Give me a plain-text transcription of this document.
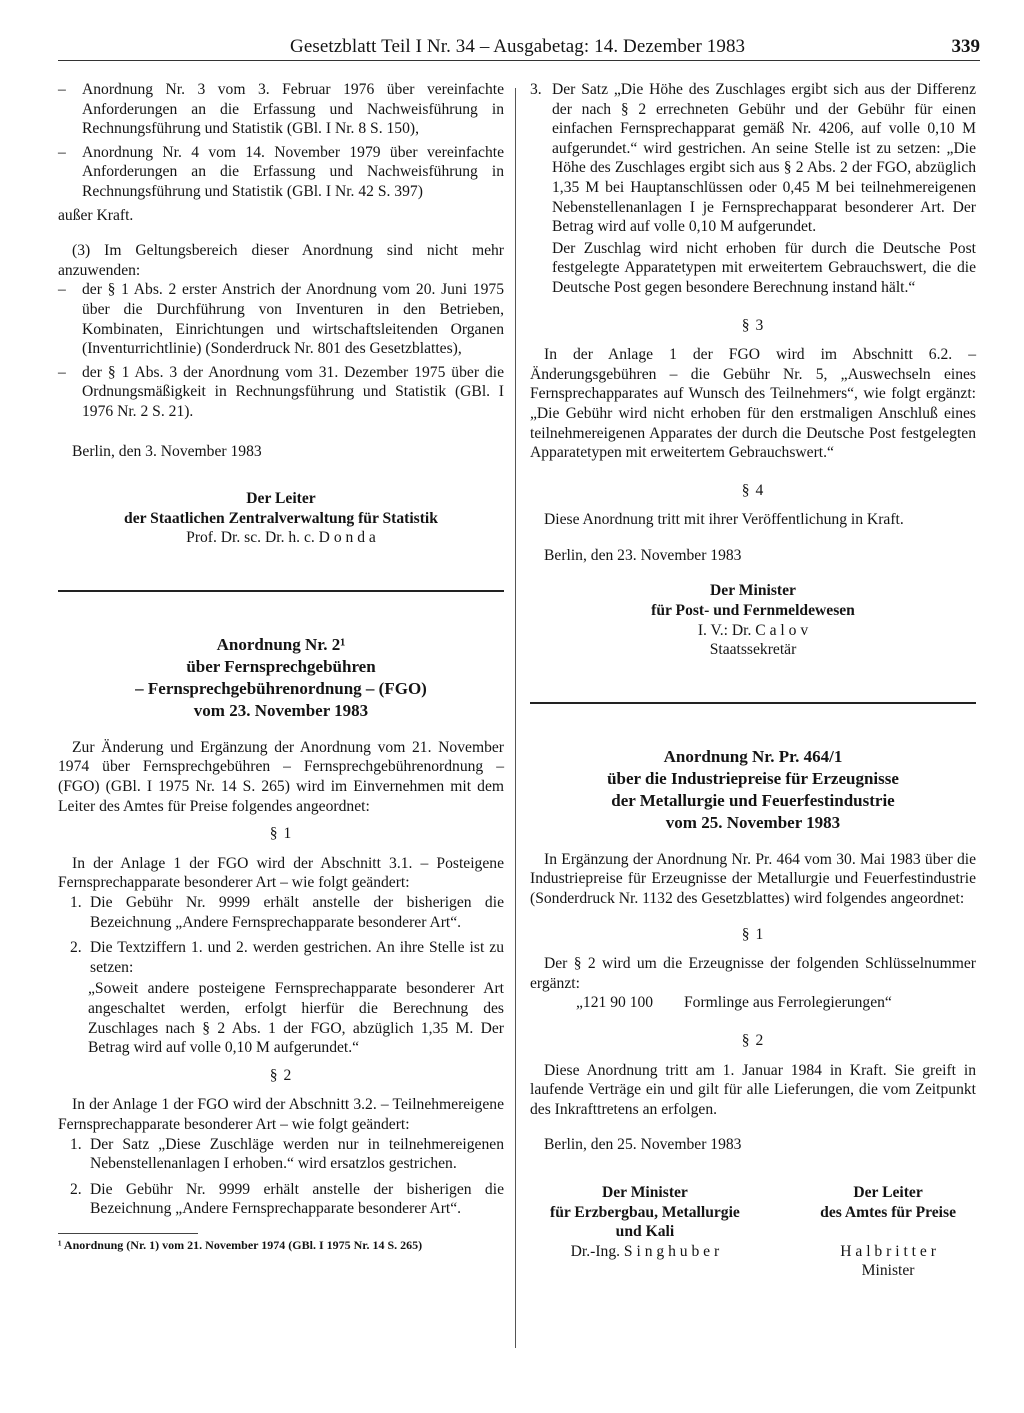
Gesetzblatt Teil I Nr. 34 – Ausgabetag: 14. Dezember 1983	339
–	Anordnung Nr. 3 vom 3. Februar 1976 über vereinfachte Anforderungen an die Erfassung und Nachweisführung in Rechnungsführung und Statistik (GBl. I Nr. 8 S. 150),
–	Anordnung Nr. 4 vom 14. November 1979 über vereinfachte Anforderungen an die Erfassung und Nachweisführung in Rechnungsführung und Statistik (GBl. I Nr. 42 S. 397)

außer Kraft.

(3) Im Geltungsbereich dieser Anordnung sind nicht mehr anzuwenden:

–	der § 1 Abs. 2 erster Anstrich der Anordnung vom 20. Juni 1975 über die Durchführung von Inventuren in den Betrieben, Kombinaten, Einrichtungen und wirtschaftsleitenden Organen (Inventurrichtlinie) (Sonderdruck Nr. 801 des Gesetzblattes),
–	der § 1 Abs. 3 der Anordnung vom 31. Dezember 1975 über die Ordnungsmäßigkeit in Rechnungsführung und Statistik (GBl. I 1976 Nr. 2 S. 21).

Berlin, den 3. November 1983

Der Leiter
der Staatlichen Zentralverwaltung für Statistik
Prof. Dr. sc. Dr. h. c. D o n d a
Anordnung Nr. 2¹
über Fernsprechgebühren
– Fernsprechgebührenordnung – (FGO)
vom 23. November 1983

Zur Änderung und Ergänzung der Anordnung vom 21. November 1974 über Fernsprechgebühren – Fernsprechgebührenordnung – (FGO) (GBl. I 1975 Nr. 14 S. 265) wird im Einvernehmen mit dem Leiter des Amtes für Preise folgendes angeordnet:

§ 1

In der Anlage 1 der FGO wird der Abschnitt 3.1. – Posteigene Fernsprechapparate besonderer Art – wie folgt geändert:

1. Die Gebühr Nr. 9999 erhält anstelle der bisherigen die Bezeichnung „Andere Fernsprechapparate besonderer Art“.
2. Die Textziffern 1. und 2. werden gestrichen. An ihre Stelle ist zu setzen:

„Soweit andere posteigene Fernsprechapparate besonderer Art angeschaltet werden, erfolgt hierfür die Berechnung des Zuschlages nach § 2 Abs. 1 der FGO, abzüglich 1,35 M. Der Betrag wird auf volle 0,10 M aufgerundet.“

§ 2

In der Anlage 1 der FGO wird der Abschnitt 3.2. – Teilnehmereigene Fernsprechapparate besonderer Art – wie folgt geändert:

1. Der Satz „Diese Zuschläge werden nur in teilnehmereigenen Nebenstellenanlagen I erhoben.“ wird ersatzlos gestrichen.
2. Die Gebühr Nr. 9999 erhält anstelle der bisherigen die Bezeichnung „Andere Fernsprechapparate besonderer Art“.
¹ Anordnung (Nr. 1) vom 21. November 1974 (GBl. I 1975 Nr. 14 S. 265)
3. Der Satz „Die Höhe des Zuschlages ergibt sich aus der Differenz der nach § 2 errechneten Gebühr und der Gebühr für einen einfachen Fernsprechapparat gemäß Nr. 4206, auf volle 0,10 M aufgerundet.“ wird gestrichen. An seine Stelle ist zu setzen: „Die Höhe des Zuschlages ergibt sich aus § 2 Abs. 2 der FGO, abzüglich 1,35 M bei Hauptanschlüssen oder 0,45 M bei teilnehmereigenen Nebenstellenanlagen I je Fernsprechapparat besonderer Art. Der Betrag wird auf volle 0,10 M aufgerundet.

Der Zuschlag wird nicht erhoben für durch die Deutsche Post festgelegte Apparatetypen mit erweitertem Gebrauchswert, die die Deutsche Post gegen besondere Berechnung instand hält.“

§ 3

In der Anlage 1 der FGO wird im Abschnitt 6.2. – Änderungsgebühren – die Gebühr Nr. 5, „Auswechseln eines Fernsprechapparates auf Wunsch des Teilnehmers“, wie folgt ergänzt: „Die Gebühr wird nicht erhoben für den erstmaligen Anschluß eines teilnehmereigenen Apparates der durch die Deutsche Post festgelegten Apparatetypen mit erweitertem Gebrauchswert.“

§ 4

Diese Anordnung tritt mit ihrer Veröffentlichung in Kraft.

Berlin, den 23. November 1983

Der Minister
für Post- und Fernmeldewesen
I. V.: Dr. C a l o v
Staatssekretär
Anordnung Nr. Pr. 464/1
über die Industriepreise für Erzeugnisse
der Metallurgie und Feuerfestindustrie
vom 25. November 1983

In Ergänzung der Anordnung Nr. Pr. 464 vom 30. Mai 1983 über die Industriepreise für Erzeugnisse der Metallurgie und Feuerfestindustrie (Sonderdruck Nr. 1132 des Gesetzblattes) wird folgendes angeordnet:

§ 1

Der § 2 wird um die Erzeugnisse der folgenden Schlüsselnummer ergänzt:

„121 90 100	Formlinge aus Ferrolegierungen“
§ 2

Diese Anordnung tritt am 1. Januar 1984 in Kraft. Sie greift in laufende Verträge ein und gilt für alle Lieferungen, die vom Zeitpunkt des Inkrafttretens an erfolgen.

Berlin, den 25. November 1983

Der Minister
für Erzbergbau, Metallurgie
und Kali
Dr.-Ing. S i n g h u b e r
Der Leiter
des Amtes für Preise
H a l b r i t t e r
Minister
